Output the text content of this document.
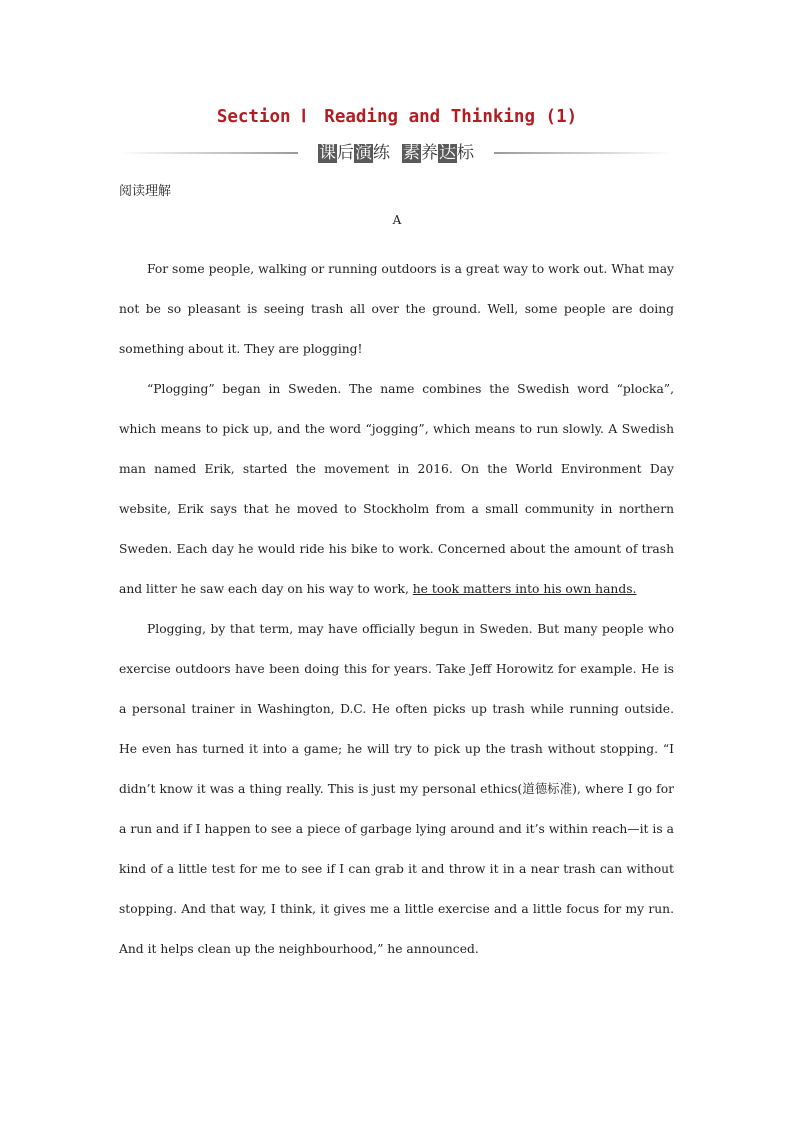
Section Ⅰ Reading and Thinking (1)
课后演练 素养达标
阅读理解
A

For some people, walking or running outdoors is a great way to work out. What may not be so pleasant is seeing trash all over the ground. Well, some people are doing something about it. They are plogging!

“Plogging” began in Sweden. The name combines the Swedish word “plocka”, which means to pick up, and the word “jogging”, which means to run slowly. A Swedish man named Erik, started the movement in 2016. On the World Environment Day website, Erik says that he moved to Stockholm from a small community in northern Sweden. Each day he would ride his bike to work. Concerned about the amount of trash and litter he saw each day on his way to work, he took matters into his own hands.

Plogging, by that term, may have officially begun in Sweden. But many people who exercise outdoors have been doing this for years. Take Jeff Horowitz for example. He is a personal trainer in Washington, D.C. He often picks up trash while running outside. He even has turned it into a game; he will try to pick up the trash without stopping. “I didn’t know it was a thing really. This is just my personal ethics(道德标准), where I go for a run and if I happen to see a piece of garbage lying around and it’s within reach—it is a kind of a little test for me to see if I can grab it and throw it in a near trash can without stopping. And that way, I think, it gives me a little exercise and a little focus for my run. And it helps clean up the neighbourhood,” he announced.
